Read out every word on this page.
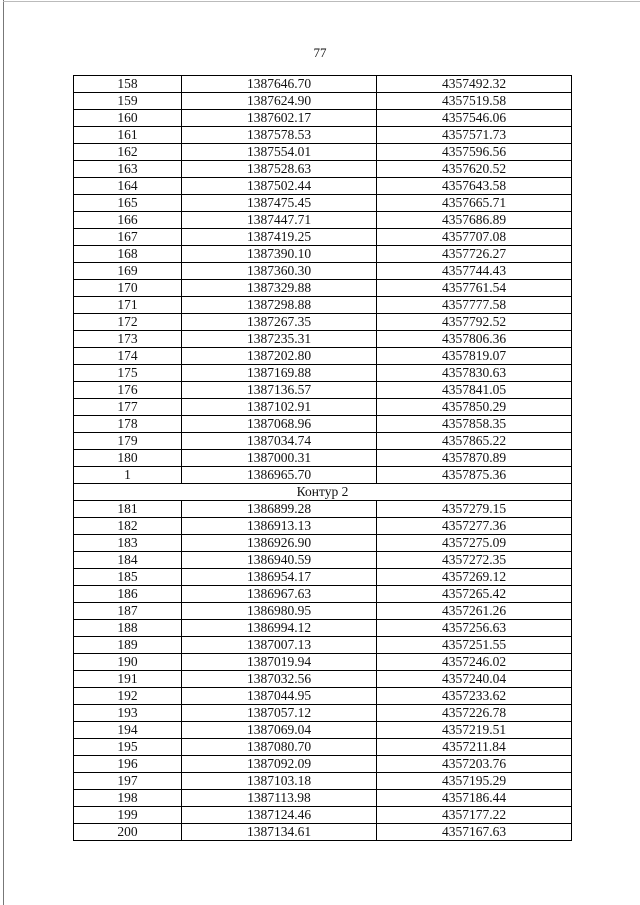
77
158	1387646.70	4357492.32
159	1387624.90	4357519.58
160	1387602.17	4357546.06
161	1387578.53	4357571.73
162	1387554.01	4357596.56
163	1387528.63	4357620.52
164	1387502.44	4357643.58
165	1387475.45	4357665.71
166	1387447.71	4357686.89
167	1387419.25	4357707.08
168	1387390.10	4357726.27
169	1387360.30	4357744.43
170	1387329.88	4357761.54
171	1387298.88	4357777.58
172	1387267.35	4357792.52
173	1387235.31	4357806.36
174	1387202.80	4357819.07
175	1387169.88	4357830.63
176	1387136.57	4357841.05
177	1387102.91	4357850.29
178	1387068.96	4357858.35
179	1387034.74	4357865.22
180	1387000.31	4357870.89
1	1386965.70	4357875.36
Контур 2		
181	1386899.28	4357279.15
182	1386913.13	4357277.36
183	1386926.90	4357275.09
184	1386940.59	4357272.35
185	1386954.17	4357269.12
186	1386967.63	4357265.42
187	1386980.95	4357261.26
188	1386994.12	4357256.63
189	1387007.13	4357251.55
190	1387019.94	4357246.02
191	1387032.56	4357240.04
192	1387044.95	4357233.62
193	1387057.12	4357226.78
194	1387069.04	4357219.51
195	1387080.70	4357211.84
196	1387092.09	4357203.76
197	1387103.18	4357195.29
198	1387113.98	4357186.44
199	1387124.46	4357177.22
200	1387134.61	4357167.63
